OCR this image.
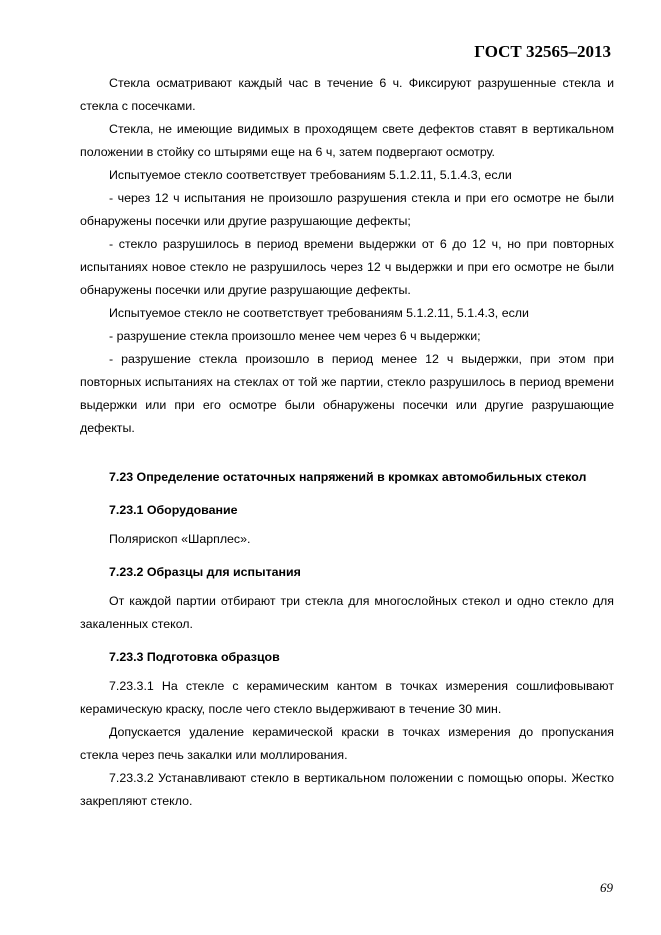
ГОСТ 32565–2013

Стекла осматривают каждый час в течение 6 ч. Фиксируют разрушенные стекла и стекла с посечками.

Стекла, не имеющие видимых в проходящем свете дефектов ставят в вертикальном положении в стойку со штырями еще на 6 ч, затем подвергают осмотру.

Испытуемое стекло соответствует требованиям 5.1.2.11, 5.1.4.3, если

- через 12 ч испытания не произошло разрушения стекла и при его осмотре не были обнаружены посечки или другие разрушающие дефекты;

- стекло разрушилось в период времени выдержки от 6 до 12 ч, но при повторных испытаниях новое стекло не разрушилось через 12 ч выдержки и при его осмотре не были обнаружены посечки или другие разрушающие дефекты.

Испытуемое стекло не соответствует требованиям 5.1.2.11, 5.1.4.3, если

- разрушение стекла произошло менее чем через 6 ч выдержки;

- разрушение стекла произошло в период менее 12 ч выдержки, при этом при повторных испытаниях на стеклах от той же партии, стекло разрушилось в период времени выдержки или при его осмотре были обнаружены посечки или другие разрушающие дефекты.

7.23 Определение остаточных напряжений в кромках автомобильных стекол

7.23.1 Оборудование

Полярископ «Шарплес».

7.23.2 Образцы для испытания

От каждой партии отбирают три стекла для многослойных стекол и одно стекло для закаленных стекол.

7.23.3 Подготовка образцов

7.23.3.1 На стекле с керамическим кантом в точках измерения сошлифовывают керамическую краску, после чего стекло выдерживают в течение 30 мин.

Допускается удаление керамической краски в точках измерения до пропускания стекла через печь закалки или моллирования.

7.23.3.2 Устанавливают стекло в вертикальном положении с помощью опоры. Жестко закрепляют стекло.

69
